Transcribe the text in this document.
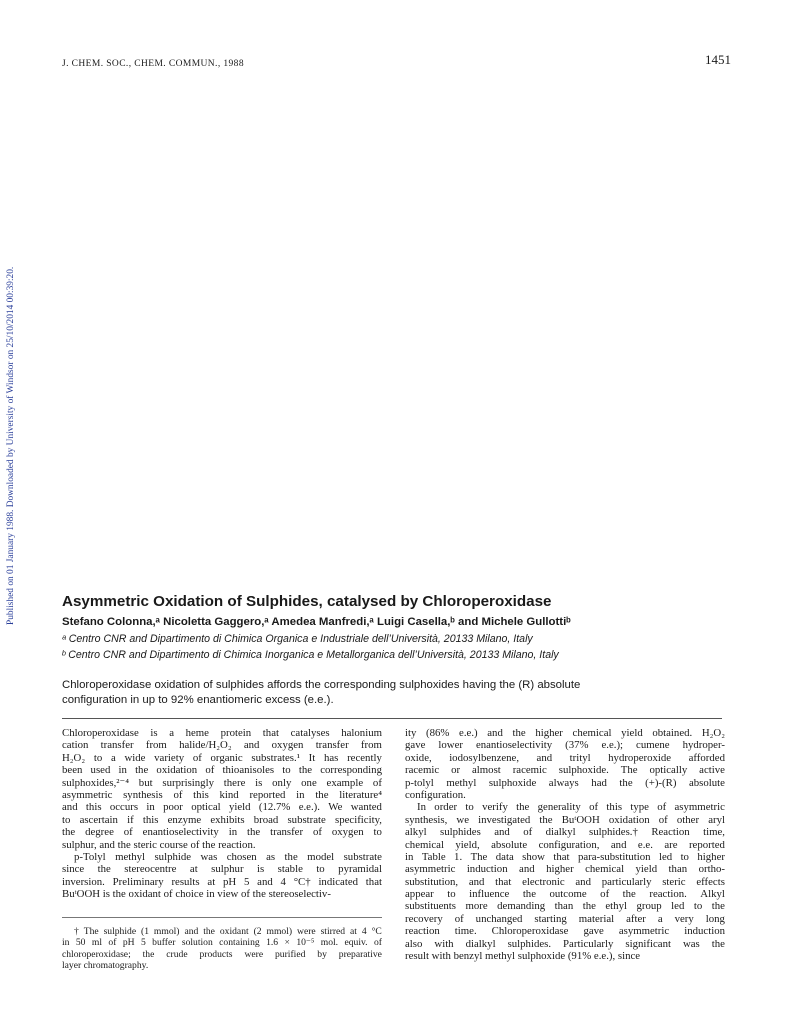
J. CHEM. SOC., CHEM. COMMUN., 1988	1451
Published on 01 January 1988. Downloaded by University of Windsor on 25/10/2014 00:39:20.	Asymmetric Oxidation of Sulphides, catalysed by Chloroperoxidase
Stefano Colonna,ᵃ Nicoletta Gaggero,ᵃ Amedea Manfredi,ᵃ Luigi Casella,ᵇ and Michele Gullottiᵇ
ᵃ Centro CNR and Dipartimento di Chimica Organica e Industriale dell’Università, 20133 Milano, Italy
ᵇ Centro CNR and Dipartimento di Chimica Inorganica e Metallorganica dell’Università, 20133 Milano, Italy
Chloroperoxidase oxidation of sulphides affords the corresponding sulphoxides having the (R) absolute
configuration in up to 92% enantiomeric excess (e.e.).
Chloroperoxidase is a heme protein that catalyses halonium
cation transfer from halide/H₂O₂ and oxygen transfer from
H₂O₂ to a wide variety of organic substrates.¹ It has recently
been used in the oxidation of thioanisoles to the corresponding
sulphoxides,²⁻⁴ but surprisingly there is only one example of
asymmetric synthesis of this kind reported in the literature⁴
and this occurs in poor optical yield (12.7% e.e.). We wanted
to ascertain if this enzyme exhibits broad substrate specificity,
the degree of enantioselectivity in the transfer of oxygen to
sulphur, and the steric course of the reaction.
p-Tolyl methyl sulphide was chosen as the model substrate
since the stereocentre at sulphur is stable to pyramidal
inversion. Preliminary results at pH 5 and 4 °C† indicated that
BuᵗOOH is the oxidant of choice in view of the stereoselectiv-
† The sulphide (1 mmol) and the oxidant (2 mmol) were stirred at 4 °C
in 50 ml of pH 5 buffer solution containing 1.6 × 10⁻⁵ mol. equiv. of
chloroperoxidase; the crude products were purified by preparative
layer chromatography.
ity (86% e.e.) and the higher chemical yield obtained. H₂O₂
gave lower enantioselectivity (37% e.e.); cumene hydroper-
oxide, iodosylbenzene, and trityl hydroperoxide afforded
racemic or almost racemic sulphoxide. The optically active
p-tolyl methyl sulphoxide always had the (+)-(R) absolute
configuration.
In order to verify the generality of this type of asymmetric
synthesis, we investigated the BuᵗOOH oxidation of other aryl
alkyl sulphides and of dialkyl sulphides.† Reaction time,
chemical yield, absolute configuration, and e.e. are reported
in Table 1. The data show that para-substitution led to higher
asymmetric induction and higher chemical yield than ortho-
substitution, and that electronic and particularly steric effects
appear to influence the outcome of the reaction. Alkyl
substituents more demanding than the ethyl group led to the
recovery of unchanged starting material after a very long
reaction time. Chloroperoxidase gave asymmetric induction
also with dialkyl sulphides. Particularly significant was the
result with benzyl methyl sulphoxide (91% e.e.), since
